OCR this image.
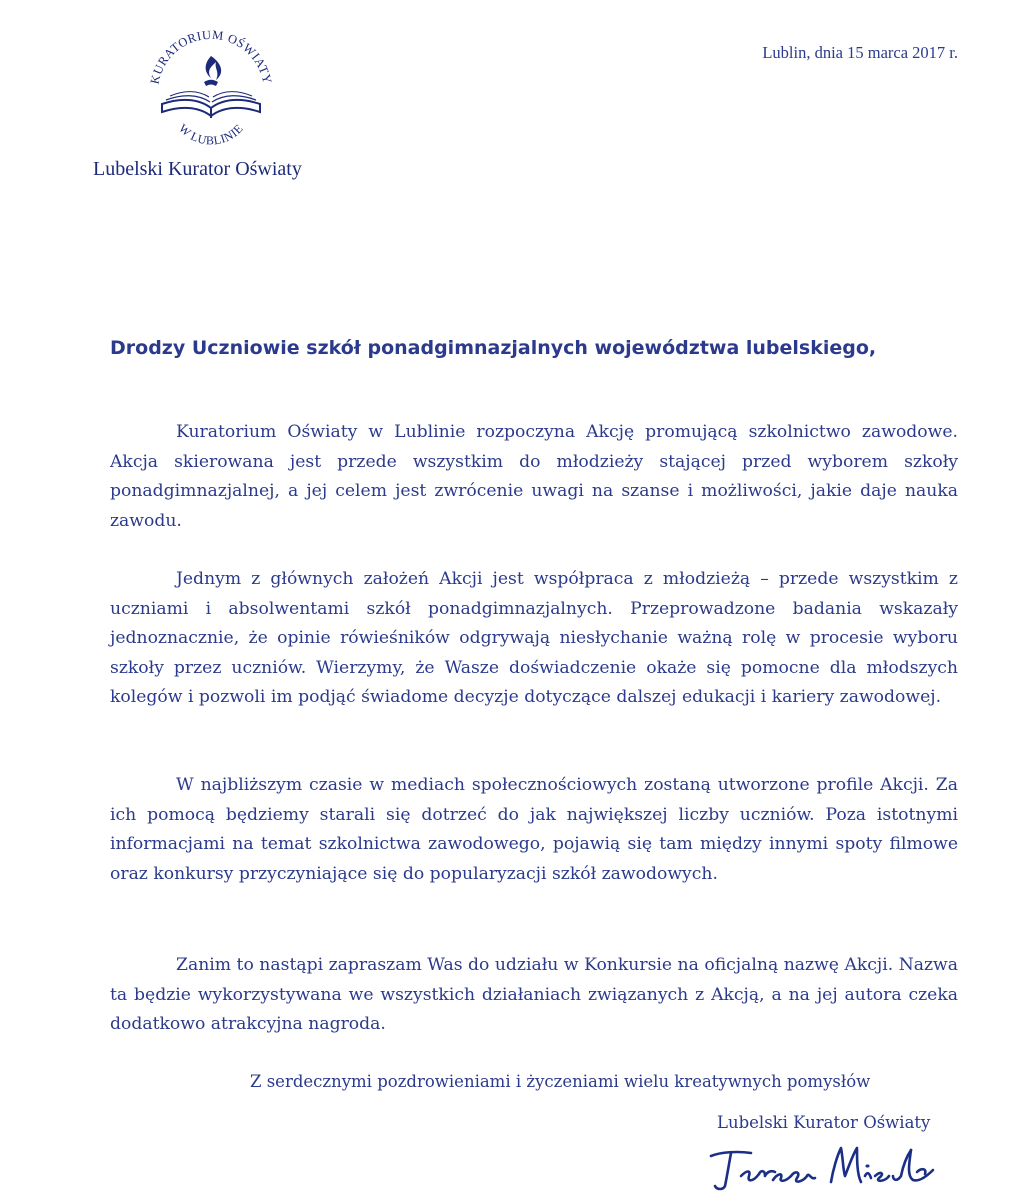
KURATORIUM OŚWIATY
W LUBLINIE
Lubelski Kurator Oświaty
Lublin, dnia 15 marca 2017 r.
Drodzy Uczniowie szkół ponadgimnazjalnych województwa lubelskiego,

Kuratorium Oświaty w Lublinie rozpoczyna Akcję promującą szkolnictwo zawodowe. Akcja skierowana jest przede wszystkim do młodzieży stającej przed wyborem szkoły ponadgimnazjalnej, a jej celem jest zwrócenie uwagi na szanse i możliwości, jakie daje nauka zawodu.

Jednym z głównych założeń Akcji jest współpraca z młodzieżą – przede wszystkim z uczniami i absolwentami szkół ponadgimnazjalnych. Przeprowadzone badania wskazały jednoznacznie, że opinie rówieśników odgrywają niesłychanie ważną rolę w procesie wyboru szkoły przez uczniów. Wierzymy, że Wasze doświadczenie okaże się pomocne dla młodszych kolegów i pozwoli im podjąć świadome decyzje dotyczące dalszej edukacji i kariery zawodowej.

W najbliższym czasie w mediach społecznościowych zostaną utworzone profile Akcji. Za ich pomocą będziemy starali się dotrzeć do jak największej liczby uczniów. Poza istotnymi informacjami na temat szkolnictwa zawodowego, pojawią się tam między innymi spoty filmowe oraz konkursy przyczyniające się do popularyzacji szkół zawodowych.

Zanim to nastąpi zapraszam Was do udziału w Konkursie na oficjalną nazwę Akcji. Nazwa ta będzie wykorzystywana we wszystkich działaniach związanych z Akcją, a na jej autora czeka dodatkowo atrakcyjna nagroda.

Z serdecznymi pozdrowieniami i życzeniami wielu kreatywnych pomysłów
Lubelski Kurator Oświaty
